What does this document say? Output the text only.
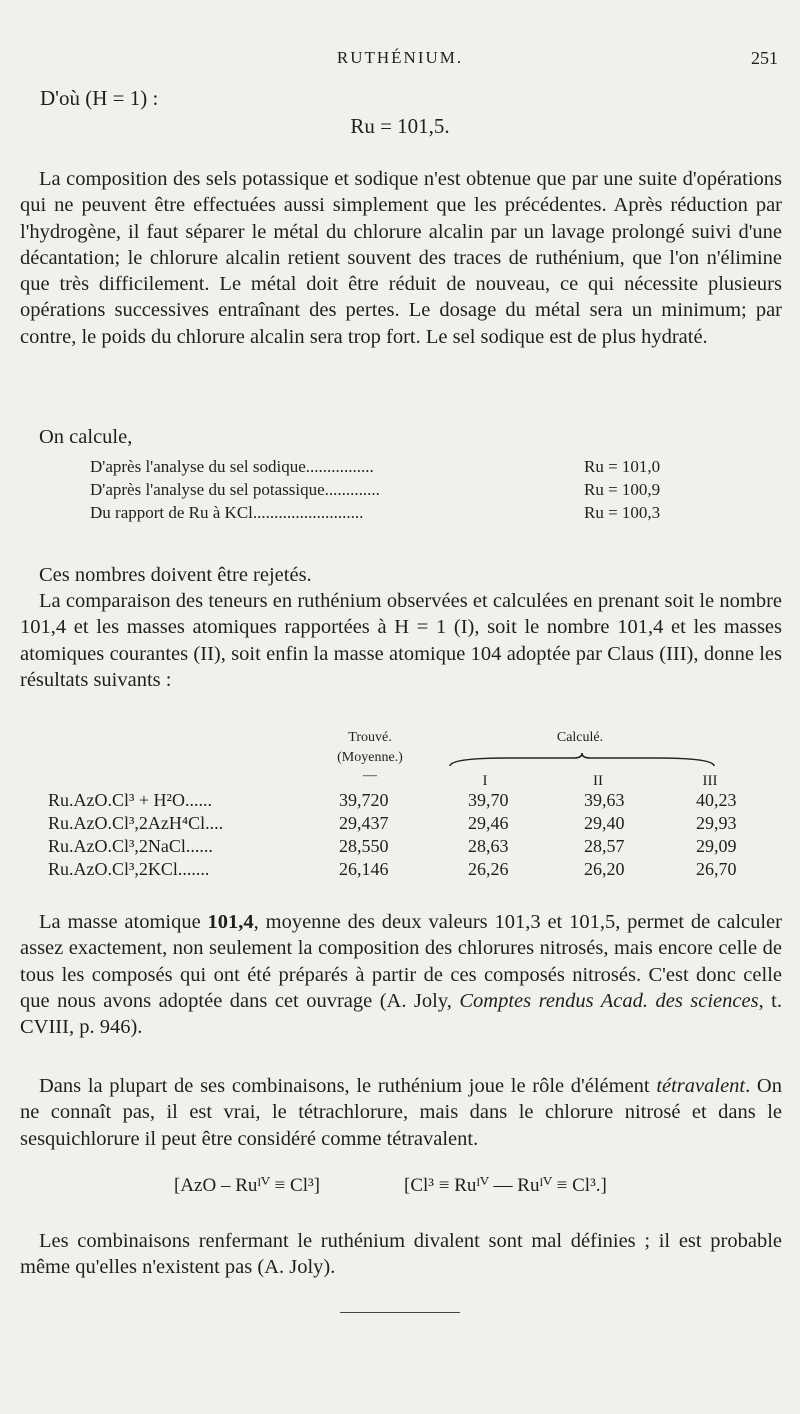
RUTHÉNIUM.	251
D'où (H = 1) :
Ru = 101,5.

La composition des sels potassique et sodique n'est obtenue que par une suite d'opérations qui ne peuvent être effectuées aussi simplement que les précédentes. Après réduction par l'hydrogène, il faut séparer le métal du chlorure alcalin par un lavage prolongé suivi d'une décantation; le chlorure alcalin retient souvent des traces de ruthénium, que l'on n'élimine que très difficilement. Le métal doit être réduit de nouveau, ce qui nécessite plusieurs opérations successives entraînant des pertes. Le dosage du métal sera un minimum; par contre, le poids du chlorure alcalin sera trop fort. Le sel sodique est de plus hydraté.

On calcule,

D'après l'analyse du sel sodique................	Ru = 101,0
D'après l'analyse du sel potassique.............	Ru = 100,9
Du rapport de Ru à KCl..........................	Ru = 100,3

Ces nombres doivent être rejetés.

La comparaison des teneurs en ruthénium observées et calculées en prenant soit le nombre 101,4 et les masses atomiques rapportées à H = 1 (I), soit le nombre 101,4 et les masses atomiques courantes (II), soit enfin la masse atomique 104 adoptée par Claus (III), donne les résultats suivants :

Trouvé.
(Moyenne.)
—
Calculé.
I	II	III
Ru.AzO.Cl³ + H²O......	39,720	39,70	39,63	40,23
Ru.AzO.Cl³,2AzH⁴Cl....	29,437	29,46	29,40	29,93
Ru.AzO.Cl³,2NaCl......	28,550	28,63	28,57	29,09
Ru.AzO.Cl³,2KCl.......	26,146	26,26	26,20	26,70

La masse atomique 101,4, moyenne des deux valeurs 101,3 et 101,5, permet de calculer assez exactement, non seulement la composition des chlorures nitrosés, mais encore celle de tous les composés qui ont été préparés à partir de ces composés nitrosés. C'est donc celle que nous avons adoptée dans cet ouvrage (A. Joly, Comptes rendus Acad. des sciences, t. CVIII, p. 946).

Dans la plupart de ses combinaisons, le ruthénium joue le rôle d'élément tétravalent. On ne connaît pas, il est vrai, le tétrachlorure, mais dans le chlorure nitrosé et dans le sesquichlorure il peut être considéré comme tétravalent.

[AzO – Ruᴵⱽ ≡ Cl³]	[Cl³ ≡ Ruᴵⱽ — Ruᴵⱽ ≡ Cl³.]

Les combinaisons renfermant le ruthénium divalent sont mal définies ; il est probable même qu'elles n'existent pas (A. Joly).
